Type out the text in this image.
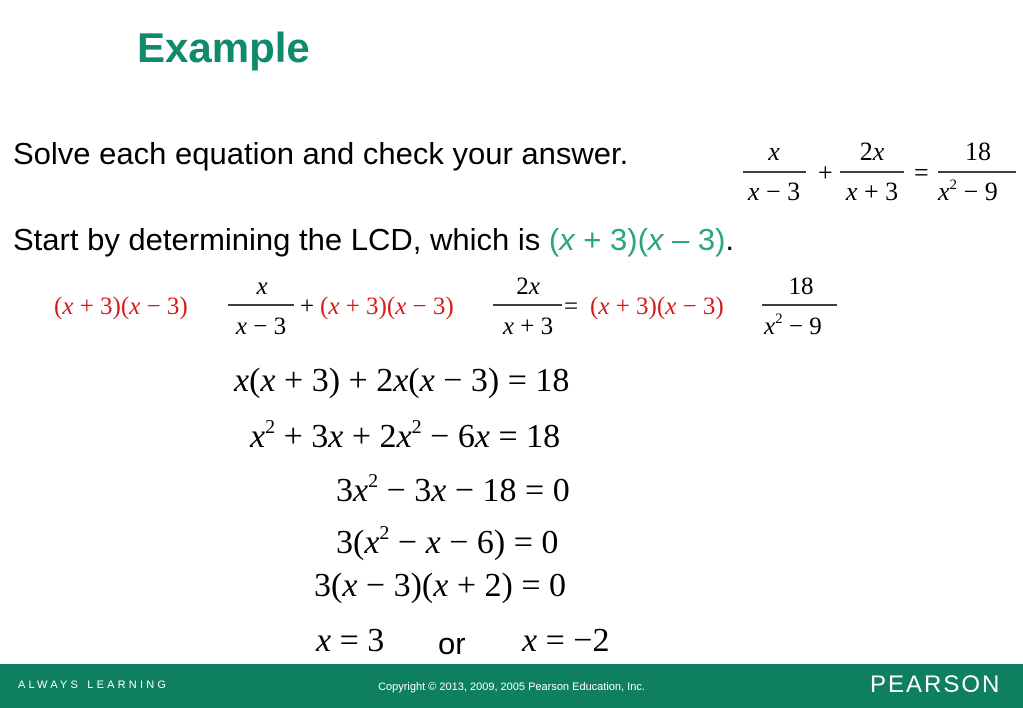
Example
Solve each equation and check your answer.	x
x − 3
+
2x
x + 3
=
18
$x^2 - 9$
Start by determining the LCD, which is (x + 3)(x – 3).
(x + 3)(x − 3)
x
x − 3
+ (x + 3)(x − 3)
2x
x + 3
= (x + 3)(x − 3)
18
$x^2 - 9$
x(x + 3) + 2x(x − 3) = 18
$x^2 + 3x + 2x^2 - 6x = 18$
$3x^2 - 3x - 18 = 0$
$3(x^2 - x - 6) = 0$
3(x − 3)(x + 2) = 0
x = 3	x = −2
or
ALWAYS LEARNING	Copyright © 2013, 2009, 2005 Pearson Education, Inc.	PEARSON
